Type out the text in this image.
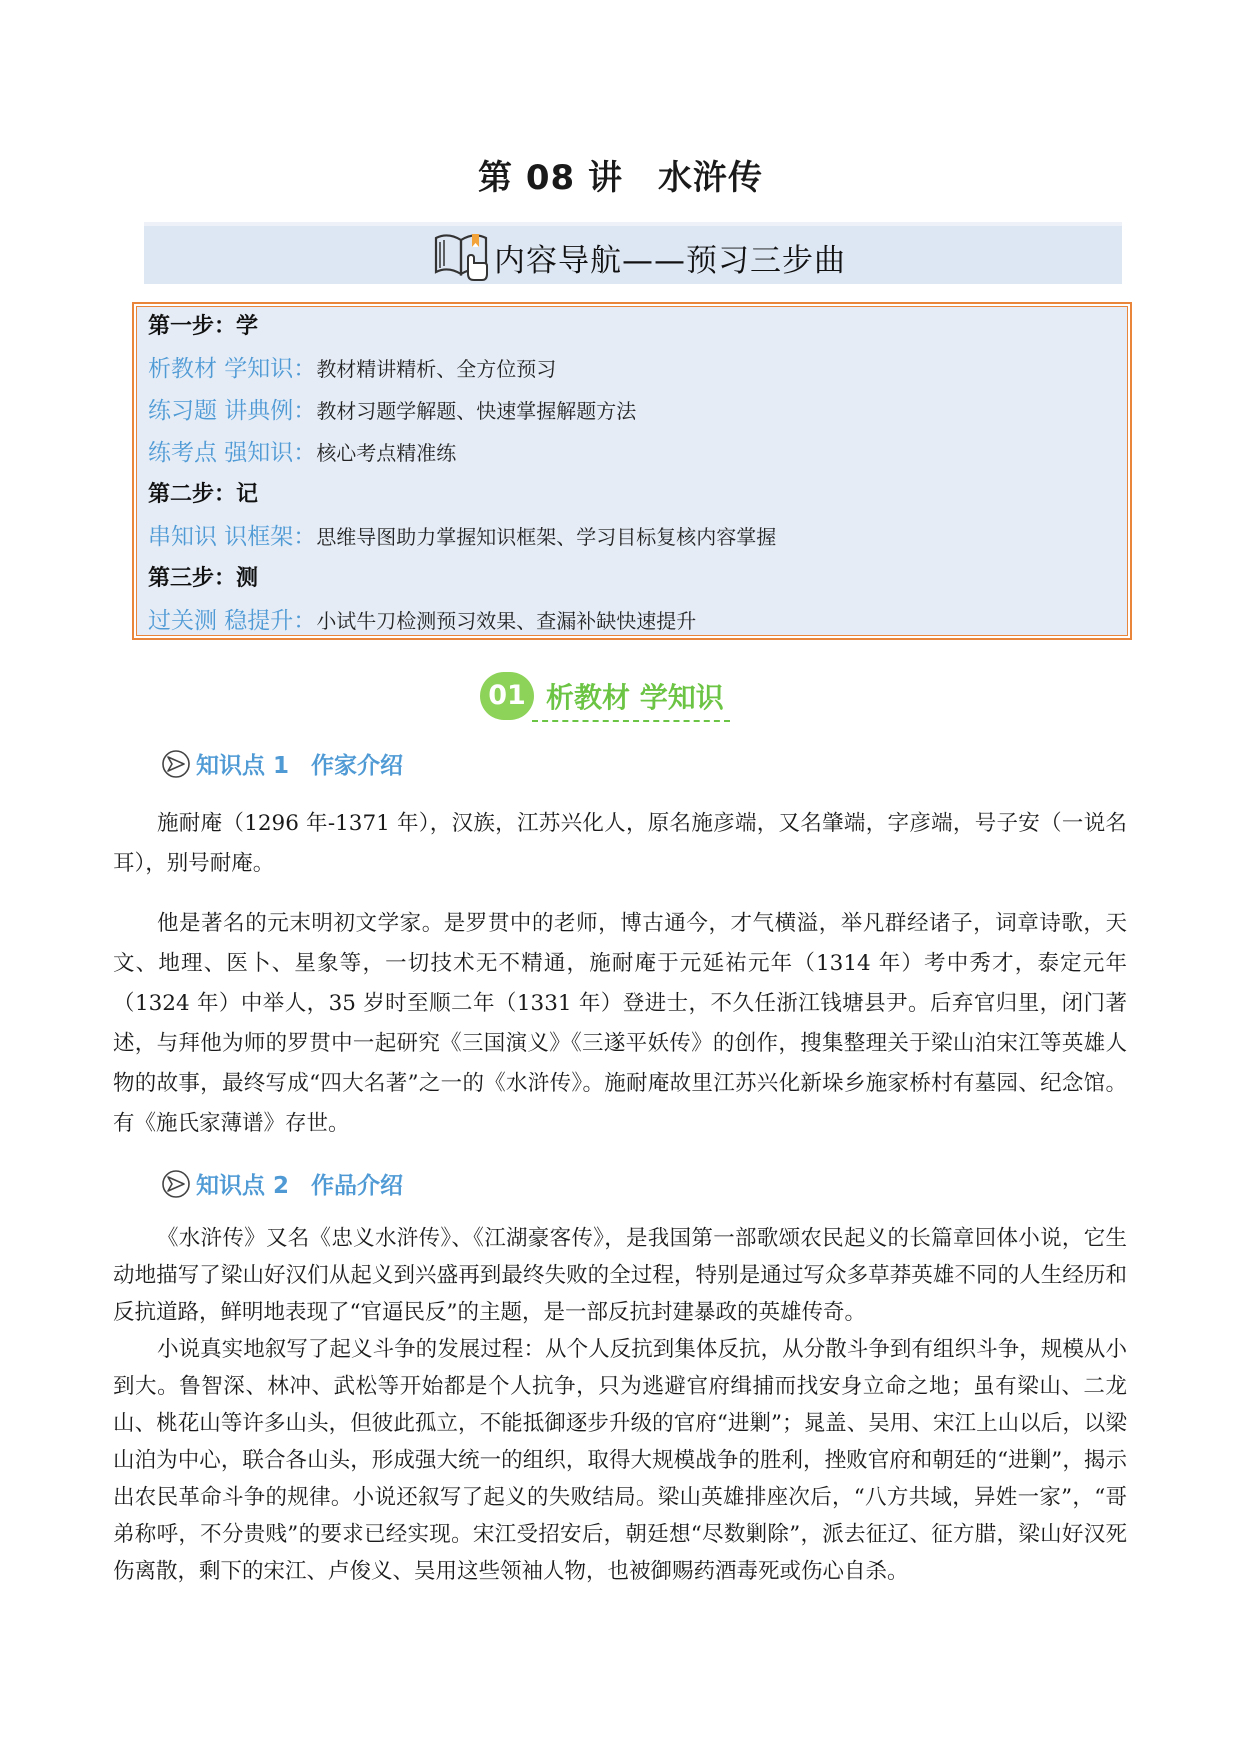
第 08 讲　水浒传
内容导航——预习三步曲
第一步：学
析教材 学知识：教材精讲精析、全方位预习
练习题 讲典例：教材习题学解题、快速掌握解题方法
练考点 强知识：核心考点精准练
第二步：记
串知识 识框架：思维导图助力掌握知识框架、学习目标复核内容掌握
第三步：测
过关测 稳提升：小试牛刀检测预习效果、查漏补缺快速提升
01 析教材 学知识
知识点 1 作家介绍
施耐庵（1296 年-1371 年），汉族，江苏兴化人，原名施彦端，又名肇端，字彦端，号子安（一说名耳），别号耐庵。
他是著名的元末明初文学家。是罗贯中的老师，博古通今，才气横溢，举凡群经诸子，词章诗歌，天文、地理、医卜、星象等，一切技术无不精通，施耐庵于元延祐元年（1314 年）考中秀才，泰定元年（1324 年）中举人，35 岁时至顺二年（1331 年）登进士，不久任浙江钱塘县尹。后弃官归里，闭门著述，与拜他为师的罗贯中一起研究《三国演义》《三遂平妖传》的创作，搜集整理关于梁山泊宋江等英雄人物的故事，最终写成“四大名著”之一的《水浒传》。施耐庵故里江苏兴化新垛乡施家桥村有墓园、纪念馆。有《施氏家薄谱》存世。
知识点 2 作品介绍
《水浒传》又名《忠义水浒传》、《江湖豪客传》，是我国第一部歌颂农民起义的长篇章回体小说，它生动地描写了梁山好汉们从起义到兴盛再到最终失败的全过程，特别是通过写众多草莽英雄不同的人生经历和反抗道路，鲜明地表现了“官逼民反”的主题，是一部反抗封建暴政的英雄传奇。
小说真实地叙写了起义斗争的发展过程：从个人反抗到集体反抗，从分散斗争到有组织斗争，规模从小到大。鲁智深、林冲、武松等开始都是个人抗争，只为逃避官府缉捕而找安身立命之地；虽有梁山、二龙山、桃花山等许多山头，但彼此孤立，不能抵御逐步升级的官府“进剿”；晁盖、吴用、宋江上山以后，以梁山泊为中心，联合各山头，形成强大统一的组织，取得大规模战争的胜利，挫败官府和朝廷的“进剿”，揭示出农民革命斗争的规律。小说还叙写了起义的失败结局。梁山英雄排座次后，“八方共域，异姓一家”，“哥弟称呼，不分贵贱”的要求已经实现。宋江受招安后，朝廷想“尽数剿除”，派去征辽、征方腊，梁山好汉死伤离散，剩下的宋江、卢俊义、吴用这些领袖人物，也被御赐药酒毒死或伤心自杀。
